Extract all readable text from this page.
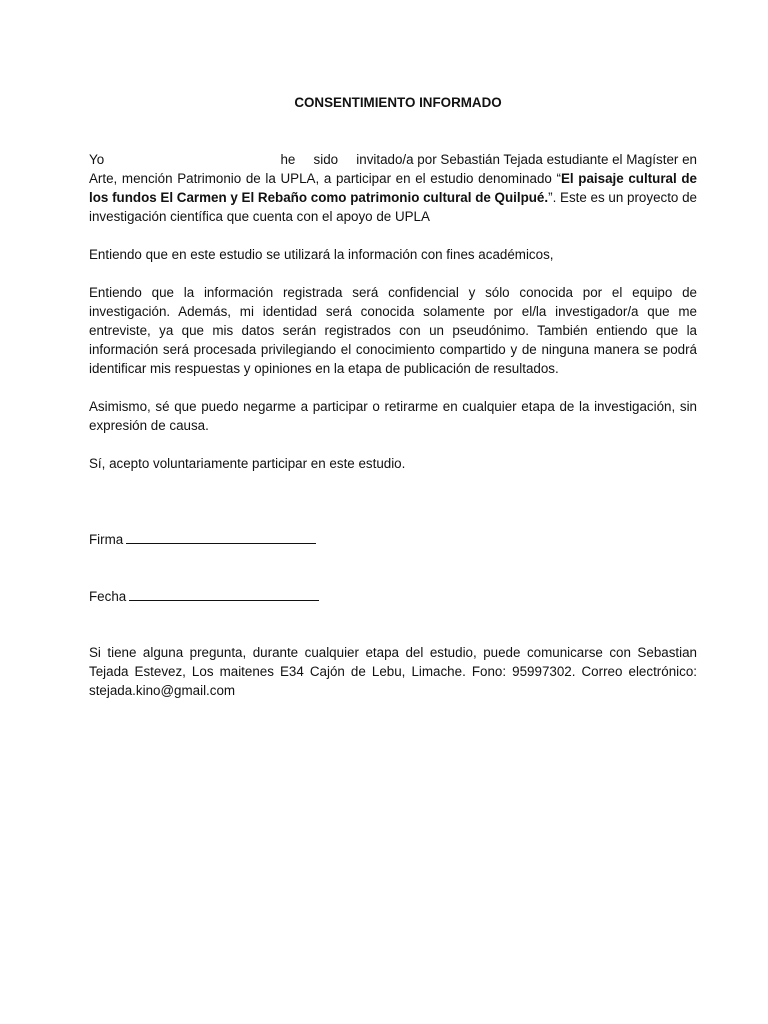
CONSENTIMIENTO INFORMADO
Yo	he sido invitado/a por Sebastián Tejada estudiante el Magíster en

Arte, mención Patrimonio de la UPLA, a participar en el estudio denominado “El paisaje cultural de los fundos El Carmen y El Rebaño como patrimonio cultural de Quilpué.”. Este es un proyecto de investigación científica que cuenta con el apoyo de UPLA

Entiendo que en este estudio se utilizará la información con fines académicos,

Entiendo que la información registrada será confidencial y sólo conocida por el equipo de investigación. Además, mi identidad será conocida solamente por el/la investigador/a que me entreviste, ya que mis datos serán registrados con un pseudónimo. También entiendo que la información será procesada privilegiando el conocimiento compartido y de ninguna manera se podrá identificar mis respuestas y opiniones en la etapa de publicación de resultados.

Asimismo, sé que puedo negarme a participar o retirarme en cualquier etapa de la investigación, sin expresión de causa.

Sí, acepto voluntariamente participar en este estudio.

Firma
Fecha

Si tiene alguna pregunta, durante cualquier etapa del estudio, puede comunicarse con Sebastian Tejada Estevez, Los maitenes E34 Cajón de Lebu, Limache. Fono: 95997302. Correo electrónico: stejada.kino@gmail.com
